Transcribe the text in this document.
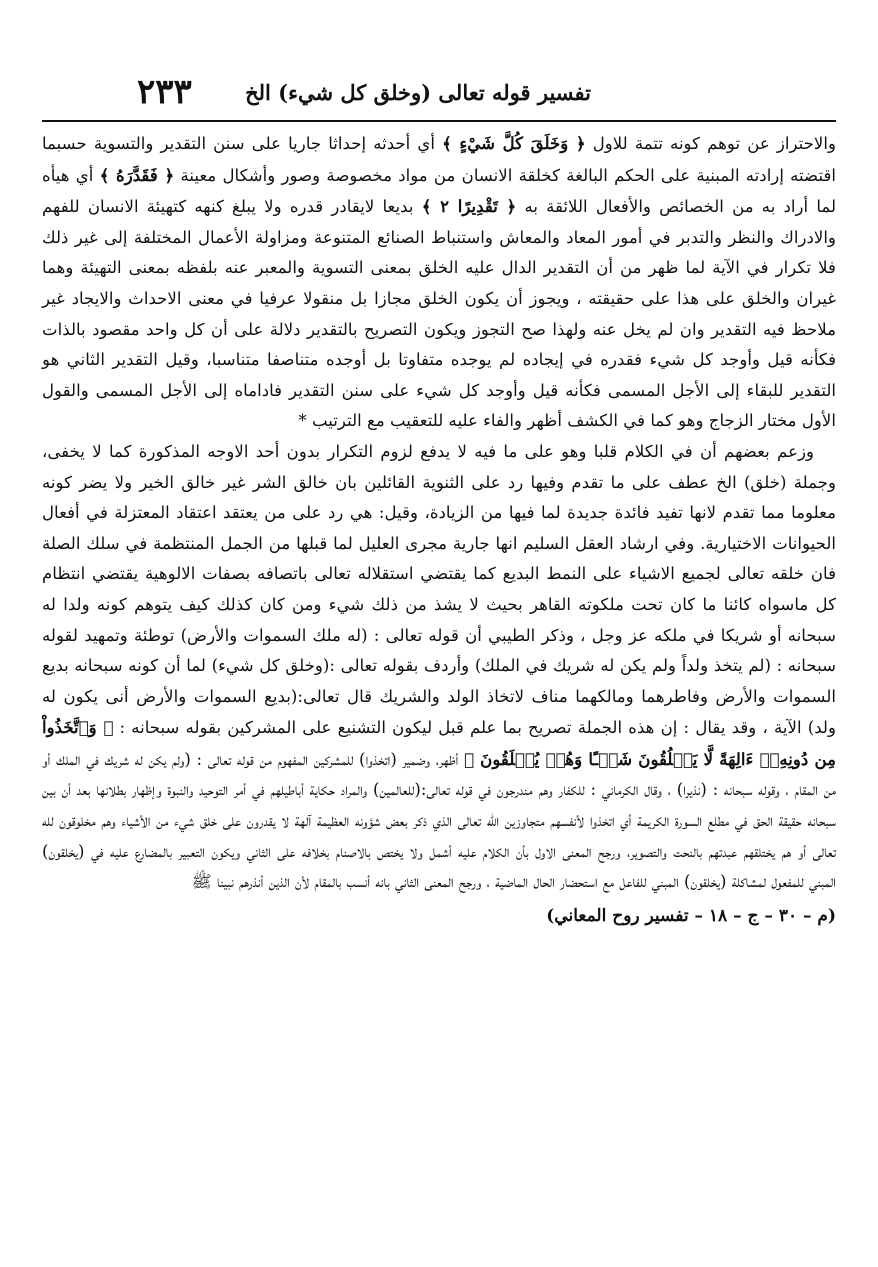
تفسير قوله تعالى (وخلق كل شيء) الخ
٢٣٣

والاحتراز عن توهم كونه تتمة للاول ﴿ وَخَلَقَ كُلَّ شَيْءٍ ﴾ أي أحدثه إحداثا جاريا على سنن التقدير والتسوية حسبما اقتضته إرادته المبنية على الحكم البالغة كخلقة الانسان من مواد مخصوصة وصور وأشكال معينة ﴿ فَقَدَّرَهُ ﴾ أي هيأه لما أراد به من الخصائص والأفعال اللائقة به ﴿ تَقْدِيرًا ٢ ﴾ بديعا لايقادر قدره ولا يبلغ كنهه كتهيئة الانسان للفهم والادراك والنظر والتدبر في أمور المعاد والمعاش واستنباط الصنائع المتنوعة ومزاولة الأعمال المختلفة إلى غير ذلك فلا تكرار في الآية لما ظهر من أن التقدير الدال عليه الخلق بمعنى التسوية والمعبر عنه بلفظه بمعنى التهيئة وهما غيران والخلق على هذا على حقيقته ، ويجوز أن يكون الخلق مجازا بل منقولا عرفيا في معنى الاحداث والايجاد غير ملاحظ فيه التقدير وان لم يخل عنه ولهذا صح التجوز ويكون التصريح بالتقدير دلالة على أن كل واحد مقصود بالذات فكأنه قيل وأوجد كل شيء فقدره في إيجاده لم يوجده متفاوتا بل أوجده متناصفا متناسبا، وقيل التقدير الثاني هو التقدير للبقاء إلى الأجل المسمى فكأنه قيل وأوجد كل شيء على سنن التقدير فاداماه إلى الأجل المسمى والقول الأول مختار الزجاج وهو كما في الكشف أظهر والفاء عليه للتعقيب مع الترتيب *

وزعم بعضهم أن في الكلام قلبا وهو على ما فيه لا يدفع لزوم التكرار بدون أحد الاوجه المذكورة كما لا يخفى، وجملة (خلق) الخ عطف على ما تقدم وفيها رد على الثنوية القائلين بان خالق الشر غير خالق الخير ولا يضر كونه معلوما مما تقدم لانها تفيد فائدة جديدة لما فيها من الزيادة، وقيل: هي رد على من يعتقد اعتقاد المعتزلة في أفعال الحيوانات الاختيارية. وفي ارشاد العقل السليم انها جارية مجرى العليل لما قبلها من الجمل المنتظمة في سلك الصلة فان خلقه تعالى لجميع الاشياء على النمط البديع كما يقتضي استقلاله تعالى باتصافه بصفات الالوهية يقتضي انتظام كل ماسواه كائنا ما كان تحت ملكوته القاهر بحيث لا يشذ من ذلك شيء ومن كان كذلك كيف يتوهم كونه ولدا له سبحانه أو شريكا في ملكه عز وجل ، وذكر الطيبي أن قوله تعالى : (له ملك السموات والأرض) توطئة وتمهيد لقوله سبحانه : (لم يتخذ ولداً ولم يكن له شريك في الملك) وأردف بقوله تعالى :(وخلق كل شيء) لما أن كونه سبحانه بديع السموات والأرض وفاطرهما ومالكهما مناف لاتخاذ الولد والشريك قال تعالى:(بديع السموات والأرض أنى يكون له ولد) الآية ، وقد يقال : إن هذه الجملة تصريح بما علم قبل ليكون التشنيع على المشركين بقوله سبحانه : ﴿ وَٱتَّخَذُواْ مِن دُونِهِۦٓ ءَالِهَةً لَّا يَخۡلُقُونَ شَيۡـًٔا وَهُمۡ يُخۡلَقُونَ ﴾ أظهر، وضمير (اتخذوا) للمشركين المفهوم من قوله تعالى : (ولم يكن له شريك في الملك أو من المقام ، وقوله سبحانه : (نذيرا) ، وقال الكرماني : للكفار وهم مندرجون في قوله تعالى:(للعالمين) والمراد حكاية أباطيلهم في أمر التوحيد والنبوة وإظهار بطلانها بعد أن بين سبحانه حقيقة الحق في مطلع السورة الكريمة أي اتخذوا لأنفسهم متجاوزين الله تعالى الذي ذكر بعض شؤونه العظيمة آلهة لا يقدرون على خلق شيء من الأشياء وهم مخلوقون لله تعالى أو هم يختلقهم عبدتهم بالنحت والتصوير، ورجح المعنى الاول بأن الكلام عليه أشمل ولا يختص بالاصنام بخلافه على الثاني ويكون التعبير بالمضارع عليه في (يخلقون) المبني للمفعول لمشاكلة (يخلقون) المبني للفاعل مع استحضار الحال الماضية ، ورجح المعنى الثاني بانه أنسب بالمقام لأن الذين أنذرهم نبينا ﷺ

(م – ٣٠ – ج – ١٨ – تفسير روح المعاني)
